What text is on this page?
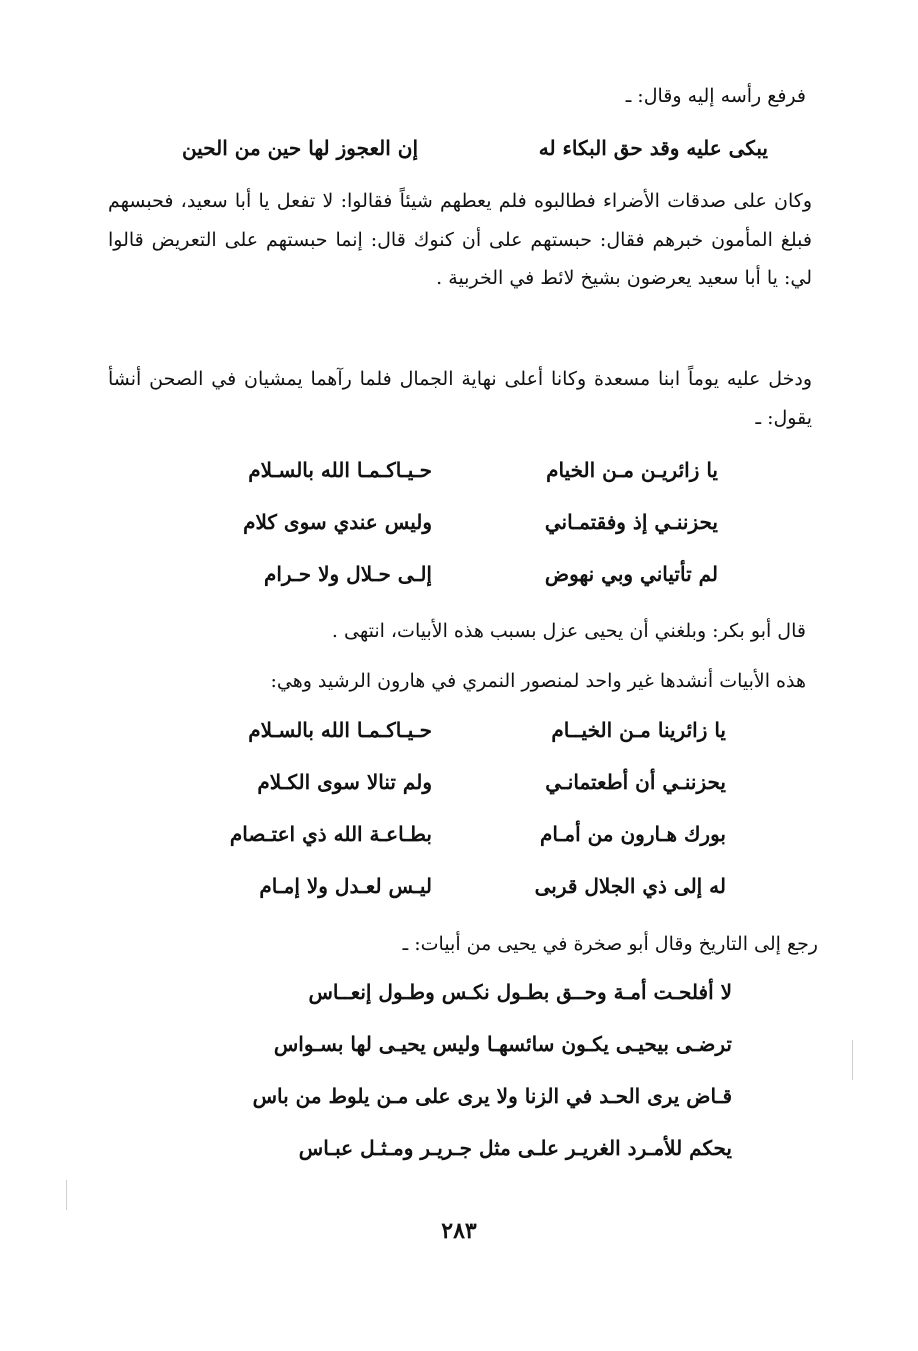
فرفع رأسه إليه وقال: ـ
يبكى عليه وقد حق البكاء له
إن العجوز لها حين من الحين
وكان على صدقات الأضراء فطالبوه فلم يعطهم شيئاً فقالوا: لا تفعل يا أبا سعيد، فحبسهم فبلغ المأمون خبرهم فقال: حبستهم على أن كنوك قال: إنما حبستهم على التعريض قالوا لي: يا أبا سعيد يعرضون بشيخ لائط في الخربية .
ودخل عليه يوماً ابنا مسعدة وكانا أعلى نهاية الجمال فلما رآهما يمشيان في الصحن أنشأ يقول: ـ
يا زائريـن مـن الخيام
حـيـاكـمـا الله بالسـلام
يحزننـي إذ وفقتمـاني
وليس عندي سوى كلام
لم تأتياني وبي نهوض
إلـى حـلال ولا حـرام
قال أبو بكر: وبلغني أن يحيى عزل بسبب هذه الأبيات، انتهى .
هذه الأبيات أنشدها غير واحد لمنصور النمري في هارون الرشيد وهي:
يا زائرينا مـن الخيــام
حـيـاكـمـا الله بالسـلام
يحزننـي أن أطعتمانـي
ولم تنالا سوى الكـلام
بورك هـارون من أمـام
بطـاعـة الله ذي اعتـصام
له إلى ذي الجلال قربى
ليـس لعـدل ولا إمـام
رجع إلى التاريخ وقال أبو صخرة في يحيى من أبيات: ـ
لا أفلحـت أمـة وحــق بطـول نكـس وطـول إنعــاس
ترضـى بيحيـى يكـون سائسهـا وليس يحيـى لها بسـواس
قـاض يرى الحـد في الزنا ولا يرى على مـن يلوط من باس
يحكم للأمـرد الغريـر علـى مثل جـريـر ومـثـل عبـاس
٢٨٣
